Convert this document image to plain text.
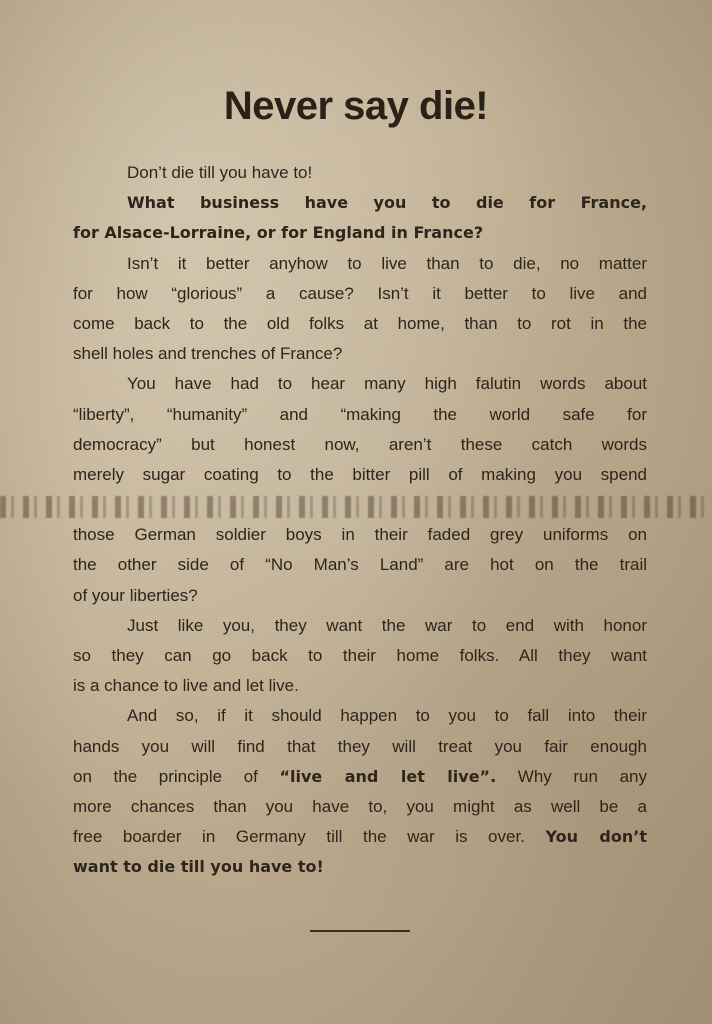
Never say die!
Don’t die till you have to!
What business have you to die for France,
for Alsace-Lorraine, or for England in France?
Isn’t it better anyhow to live than to die, no matter
for how “glorious” a cause? Isn’t it better to live and
come back to the old folks at home, than to rot in the
shell holes and trenches of France?
You have had to hear many high falutin words about
“liberty”, “humanity” and “making the world safe for
democracy” but honest now, aren’t these catch words
merely sugar coating to the bitter pill of making you spend
those German soldier boys in their faded grey uniforms on
the other side of “No Man’s Land” are hot on the trail
of your liberties?
Just like you, they want the war to end with honor
so they can go back to their home folks. All they want
is a chance to live and let live.
And so, if it should happen to you to fall into their
hands you will find that they will treat you fair enough
on the principle of “live and let live”. Why run any
more chances than you have to, you might as well be a
free boarder in Germany till the war is over. You don’t
want to die till you have to!
